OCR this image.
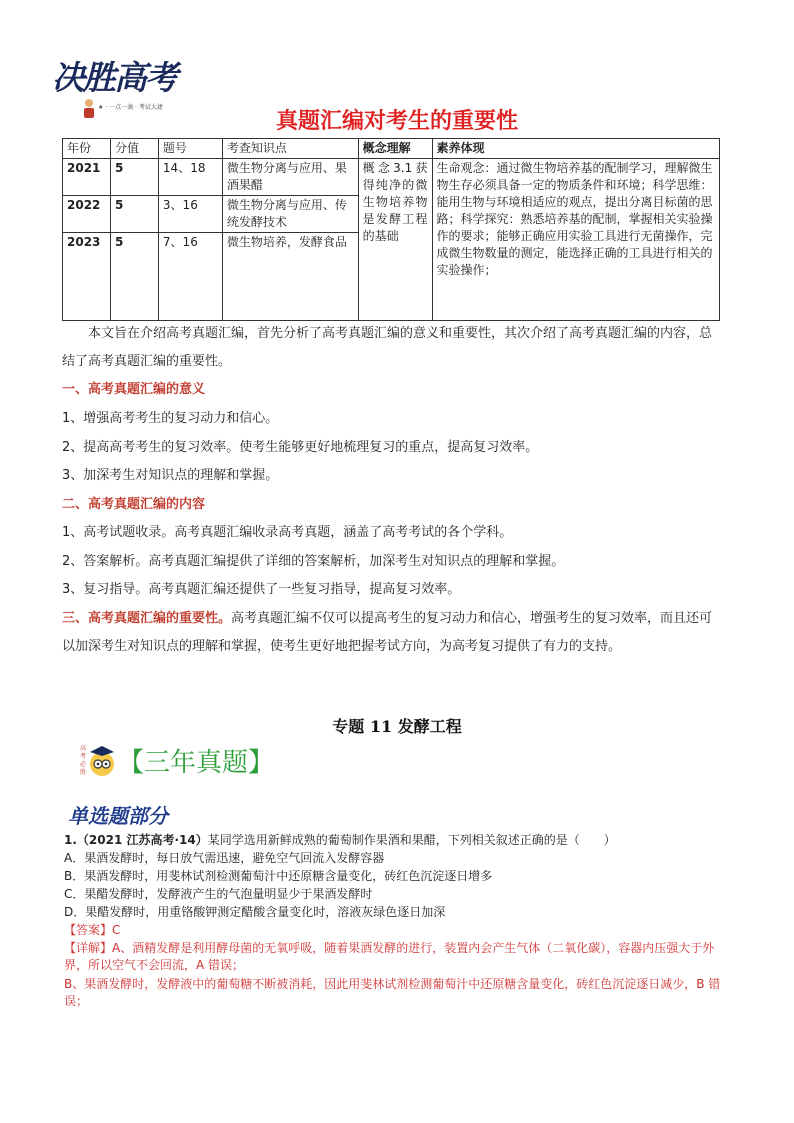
决胜高考
★ · 一点一滴 · 考试大捷
真题汇编对考生的重要性
年份	分值	题号	考查知识点	概念理解	素养体现
2021	5	14、18	微生物分离与应用、果酒果醋	概念3.1获得纯净的微生物培养物是发酵工程的基础	生命观念：通过微生物培养基的配制学习，理解微生物生存必须具备一定的物质条件和环境；科学思维：能用生物与环境相适应的观点，提出分离目标菌的思路；科学探究：熟悉培养基的配制，掌握相关实验操作的要求；能够正确应用实验工具进行无菌操作，完成微生物数量的测定，能选择正确的工具进行相关的实验操作；
2022	5	3、16	微生物分离与应用、传统发酵技术		
2023	5	7、16	微生物培养，发酵食品		
本文旨在介绍高考真题汇编，首先分析了高考真题汇编的意义和重要性，其次介绍了高考真题汇编的内容，总结了高考真题汇编的重要性。
一、高考真题汇编的意义
1、增强高考考生的复习动力和信心。
2、提高高考考生的复习效率。使考生能够更好地梳理复习的重点，提高复习效率。
3、加深考生对知识点的理解和掌握。
二、高考真题汇编的内容
1、高考试题收录。高考真题汇编收录高考真题，涵盖了高考考试的各个学科。
2、答案解析。高考真题汇编提供了详细的答案解析，加深考生对知识点的理解和掌握。
3、复习指导。高考真题汇编还提供了一些复习指导，提高复习效率。
三、高考真题汇编的重要性。高考真题汇编不仅可以提高考生的复习动力和信心，增强考生的复习效率，而且还可以加深考生对知识点的理解和掌握，使考生更好地把握考试方向，为高考复习提供了有力的支持。
专题 11 发酵工程
高
考
必
胜 【三年真题】
单选题部分
1.（2021 江苏高考·14）某同学选用新鲜成熟的葡萄制作果酒和果醋，下列相关叙述正确的是（　　）
A．果酒发酵时，每日放气需迅速，避免空气回流入发酵容器
B．果酒发酵时，用斐林试剂检测葡萄汁中还原糖含量变化，砖红色沉淀逐日增多
C．果醋发酵时，发酵液产生的气泡量明显少于果酒发酵时
D．果醋发酵时，用重铬酸钾测定醋酸含量变化时，溶液灰绿色逐日加深
【答案】C
【详解】A、酒精发酵是利用酵母菌的无氧呼吸，随着果酒发酵的进行，装置内会产生气体（二氧化碳），容器内压强大于外界，所以空气不会回流，A 错误；
B、果酒发酵时，发酵液中的葡萄糖不断被消耗，因此用斐林试剂检测葡萄汁中还原糖含量变化，砖红色沉淀逐日减少，B 错误；
